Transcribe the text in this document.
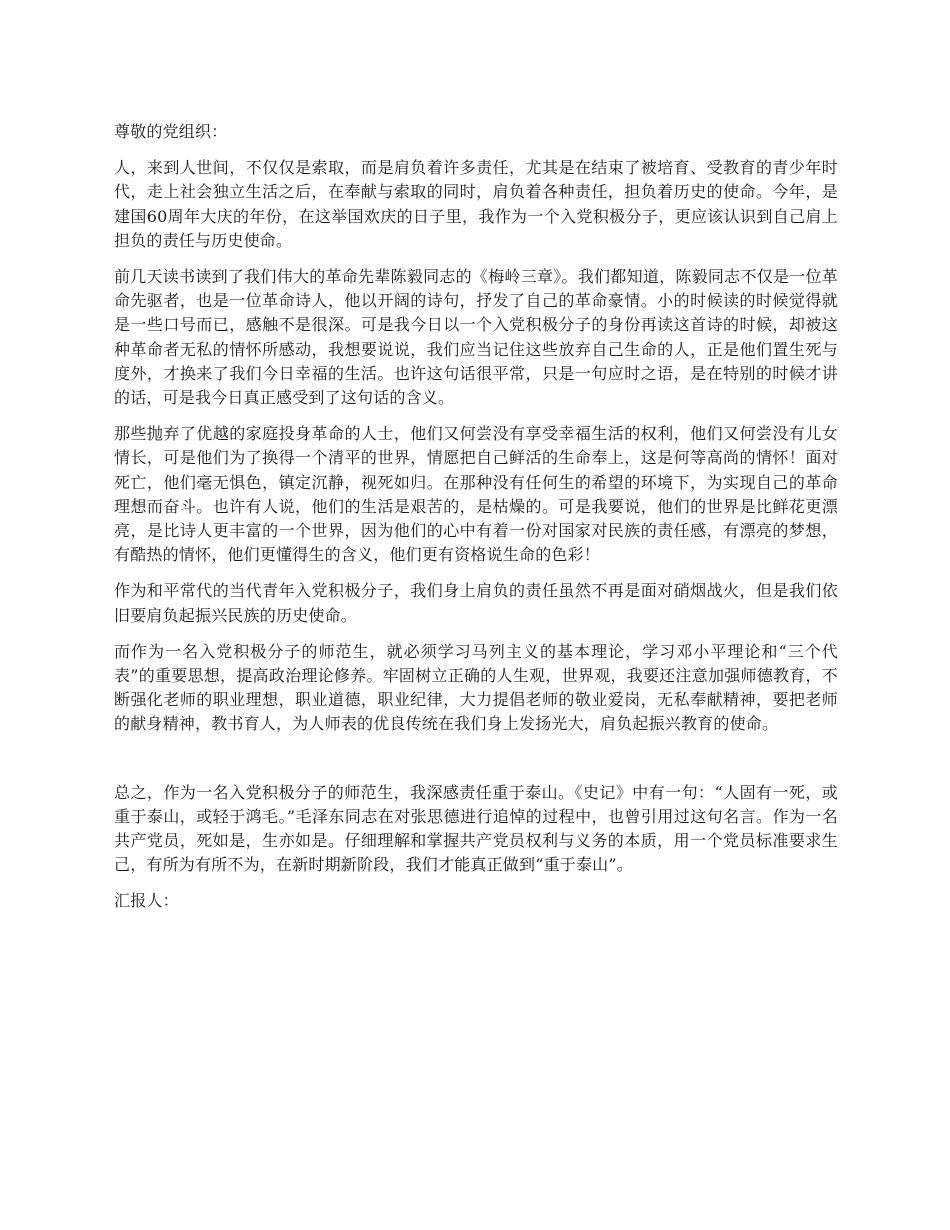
尊敬的党组织：

人，来到人世间，不仅仅是索取，而是肩负着许多责任，尤其是在结束了被培育、受教育的青少年时代，走上社会独立生活之后，在奉献与索取的同时，肩负着各种责任，担负着历史的使命。今年，是建国60周年大庆的年份，在这举国欢庆的日子里，我作为一个入党积极分子，更应该认识到自己肩上担负的责任与历史使命。

前几天读书读到了我们伟大的革命先辈陈毅同志的《梅岭三章》。我们都知道，陈毅同志不仅是一位革命先驱者，也是一位革命诗人，他以开阔的诗句，抒发了自己的革命豪情。小的时候读的时候觉得就是一些口号而已，感触不是很深。可是我今日以一个入党积极分子的身份再读这首诗的时候，却被这种革命者无私的情怀所感动，我想要说说，我们应当记住这些放弃自己生命的人，正是他们置生死与度外，才换来了我们今日幸福的生活。也许这句话很平常，只是一句应时之语，是在特别的时候才讲的话，可是我今日真正感受到了这句话的含义。

那些抛弃了优越的家庭投身革命的人士，他们又何尝没有享受幸福生活的权利，他们又何尝没有儿女情长，可是他们为了换得一个清平的世界，情愿把自己鲜活的生命奉上，这是何等高尚的情怀！面对死亡，他们毫无惧色，镇定沉静，视死如归。在那种没有任何生的希望的环境下，为实现自己的革命理想而奋斗。也许有人说，他们的生活是艰苦的，是枯燥的。可是我要说，他们的世界是比鲜花更漂亮，是比诗人更丰富的一个世界，因为他们的心中有着一份对国家对民族的责任感，有漂亮的梦想，有酷热的情怀，他们更懂得生的含义，他们更有资格说生命的色彩！

作为和平常代的当代青年入党积极分子，我们身上肩负的责任虽然不再是面对硝烟战火，但是我们依旧要肩负起振兴民族的历史使命。

而作为一名入党积极分子的师范生，就必须学习马列主义的基本理论，学习邓小平理论和“三个代表”的重要思想，提高政治理论修养。牢固树立正确的人生观，世界观，我要还注意加强师德教育，不断强化老师的职业理想，职业道德，职业纪律，大力提倡老师的敬业爱岗，无私奉献精神，要把老师的献身精神，教书育人，为人师表的优良传统在我们身上发扬光大，肩负起振兴教育的使命。

总之，作为一名入党积极分子的师范生，我深感责任重于泰山。《史记》中有一句：“人固有一死，或重于泰山，或轻于鸿毛。”毛泽东同志在对张思德进行追悼的过程中，也曾引用过这句名言。作为一名共产党员，死如是，生亦如是。仔细理解和掌握共产党员权利与义务的本质，用一个党员标准要求生己，有所为有所不为，在新时期新阶段，我们才能真正做到“重于泰山”。

汇报人：
